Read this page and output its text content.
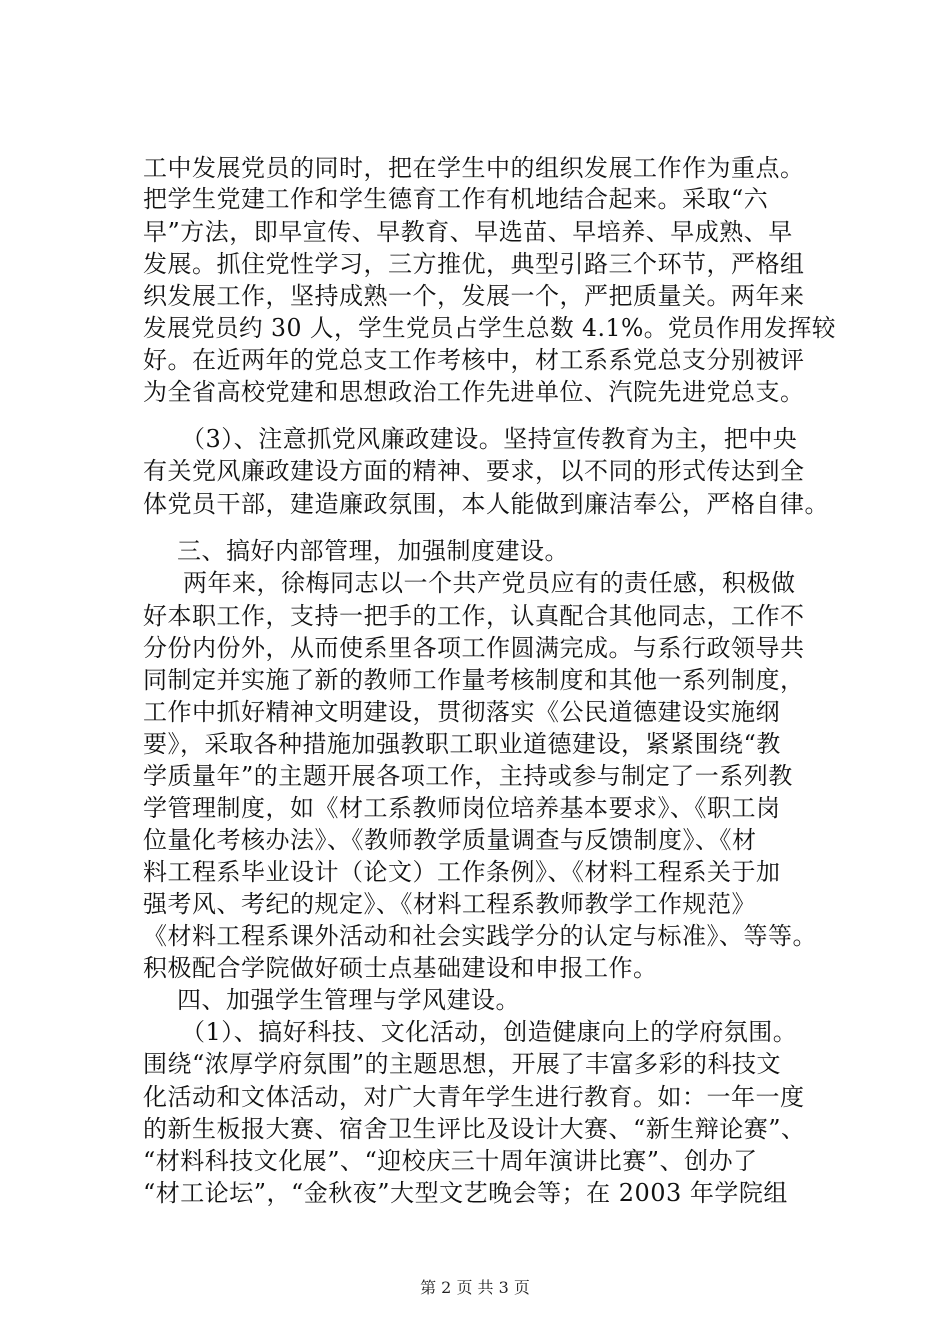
工中发展党员的同时，把在学生中的组织发展工作作为重点。
把学生党建工作和学生德育工作有机地结合起来。采取“六
早”方法，即早宣传、早教育、早选苗、早培养、早成熟、早
发展。抓住党性学习，三方推优，典型引路三个环节，严格组
织发展工作，坚持成熟一个，发展一个，严把质量关。两年来
发展党员约 30 人，学生党员占学生总数 4.1%。党员作用发挥较
好。在近两年的党总支工作考核中，材工系系党总支分别被评
为全省高校党建和思想政治工作先进单位、汽院先进党总支。
（3）、注意抓党风廉政建设。坚持宣传教育为主，把中央
有关党风廉政建设方面的精神、要求，以不同的形式传达到全
体党员干部，建造廉政氛围，本人能做到廉洁奉公，严格自律。
三、搞好内部管理，加强制度建设。
两年来，徐梅同志以一个共产党员应有的责任感，积极做
好本职工作，支持一把手的工作，认真配合其他同志，工作不
分份内份外，从而使系里各项工作圆满完成。与系行政领导共
同制定并实施了新的教师工作量考核制度和其他一系列制度，
工作中抓好精神文明建设，贯彻落实《公民道德建设实施纲
要》，采取各种措施加强教职工职业道德建设，紧紧围绕“教
学质量年”的主题开展各项工作，主持或参与制定了一系列教
学管理制度，如《材工系教师岗位培养基本要求》、《职工岗
位量化考核办法》、《教师教学质量调查与反馈制度》、《材
料工程系毕业设计（论文）工作条例》、《材料工程系关于加
强考风、考纪的规定》、《材料工程系教师教学工作规范》
《材料工程系课外活动和社会实践学分的认定与标准》、等等。
积极配合学院做好硕士点基础建设和申报工作。
四、加强学生管理与学风建设。
（1）、搞好科技、文化活动，创造健康向上的学府氛围。
围绕“浓厚学府氛围”的主题思想，开展了丰富多彩的科技文
化活动和文体活动，对广大青年学生进行教育。如：一年一度
的新生板报大赛、宿舍卫生评比及设计大赛、“新生辩论赛”、
“材料科技文化展”、“迎校庆三十周年演讲比赛”、创办了
“材工论坛”，“金秋夜”大型文艺晚会等；在 2003 年学院组
第 2 页 共 3 页
